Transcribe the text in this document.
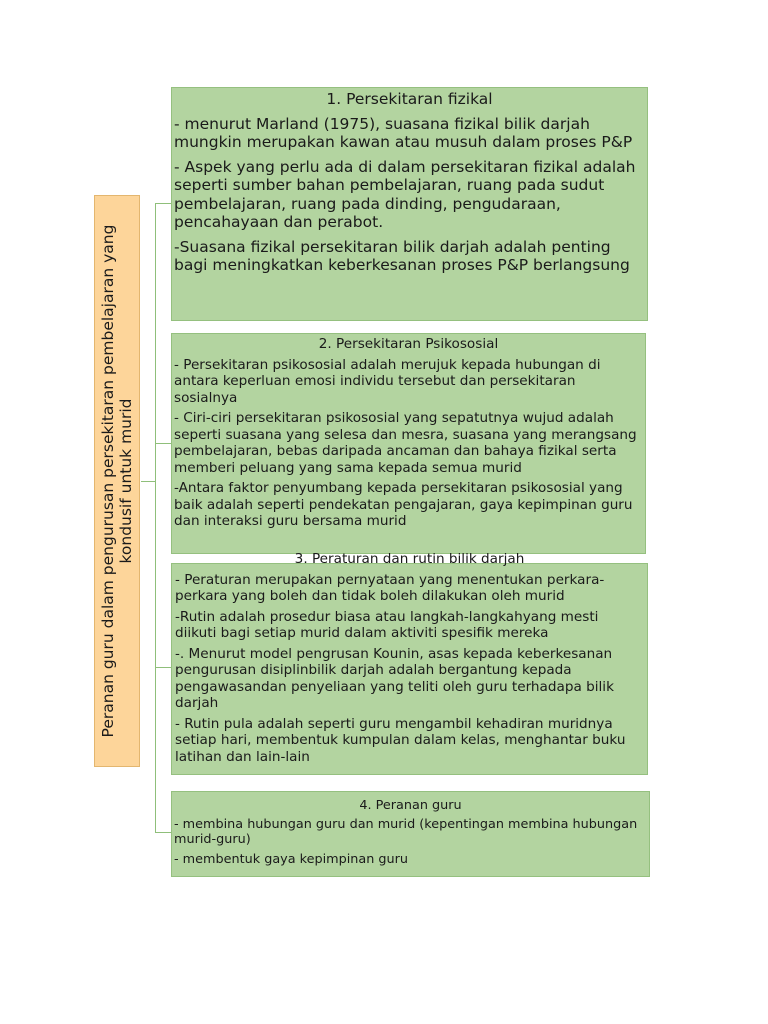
Peranan guru dalam pengurusan persekitaran pembelajaran yang kondusif untuk murid
1. Persekitaran fizikal

- menurut Marland (1975), suasana fizikal bilik darjah mungkin merupakan kawan atau musuh dalam proses P&P

- Aspek yang perlu ada di dalam persekitaran fizikal adalah seperti sumber bahan pembelajaran, ruang pada sudut pembelajaran, ruang pada dinding, pengudaraan, pencahayaan dan perabot.

-Suasana fizikal persekitaran bilik darjah adalah penting bagi meningkatkan keberkesanan proses P&P berlangsung

2. Persekitaran Psikososial

- Persekitaran psikososial adalah merujuk kepada hubungan di antara keperluan emosi individu tersebut dan persekitaran sosialnya

- Ciri-ciri persekitaran psikososial yang sepatutnya wujud adalah seperti suasana yang selesa dan mesra, suasana yang merangsang pembelajaran, bebas daripada ancaman dan bahaya fizikal serta memberi peluang yang sama kepada semua murid

-Antara faktor penyumbang kepada persekitaran psikososial yang baik adalah seperti pendekatan pengajaran, gaya kepimpinan guru dan interaksi guru bersama murid

3. Peraturan dan rutin bilik darjah

- Peraturan merupakan pernyataan yang menentukan perkara-perkara yang boleh dan tidak boleh dilakukan oleh murid

-Rutin adalah prosedur biasa atau langkah-langkahyang mesti diikuti bagi setiap murid dalam aktiviti spesifik mereka

-. Menurut model pengrusan Kounin, asas kepada keberkesanan pengurusan disiplinbilik darjah adalah bergantung kepada pengawasandan penyeliaan yang teliti oleh guru terhadapa bilik darjah

- Rutin pula adalah seperti guru mengambil kehadiran muridnya setiap hari, membentuk kumpulan dalam kelas, menghantar buku latihan dan lain-lain

4. Peranan guru

- membina hubungan guru dan murid (kepentingan membina hubungan murid-guru)

- membentuk gaya kepimpinan guru
